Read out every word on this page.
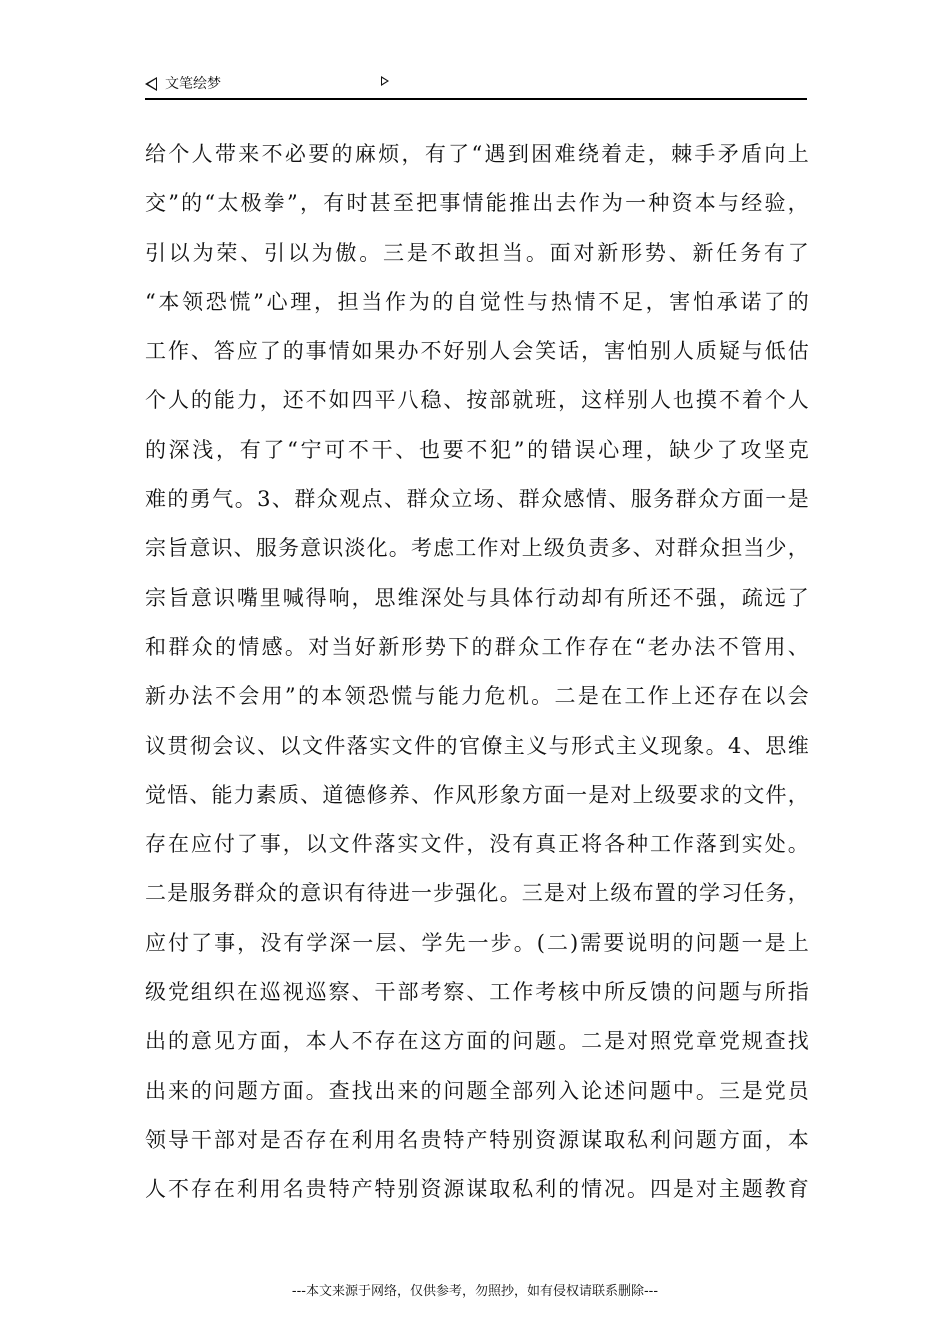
文笔绘梦
给个人带来不必要的麻烦，有了“遇到困难绕着走，棘手矛盾向上
交”的“太极拳”，有时甚至把事情能推出去作为一种资本与经验，
引以为荣、引以为傲。三是不敢担当。面对新形势、新任务有了
“本领恐慌”心理，担当作为的自觉性与热情不足，害怕承诺了的
工作、答应了的事情如果办不好别人会笑话，害怕别人质疑与低估
个人的能力，还不如四平八稳、按部就班，这样别人也摸不着个人
的深浅，有了“宁可不干、也要不犯”的错误心理，缺少了攻坚克
难的勇气。3、群众观点、群众立场、群众感情、服务群众方面一是
宗旨意识、服务意识淡化。考虑工作对上级负责多、对群众担当少，
宗旨意识嘴里喊得响，思维深处与具体行动却有所还不强，疏远了
和群众的情感。对当好新形势下的群众工作存在“老办法不管用、
新办法不会用”的本领恐慌与能力危机。二是在工作上还存在以会
议贯彻会议、以文件落实文件的官僚主义与形式主义现象。4、思维
觉悟、能力素质、道德修养、作风形象方面一是对上级要求的文件，
存在应付了事，以文件落实文件，没有真正将各种工作落到实处。
二是服务群众的意识有待进一步强化。三是对上级布置的学习任务，
应付了事，没有学深一层、学先一步。(二)需要说明的问题一是上
级党组织在巡视巡察、干部考察、工作考核中所反馈的问题与所指
出的意见方面，本人不存在这方面的问题。二是对照党章党规查找
出来的问题方面。查找出来的问题全部列入论述问题中。三是党员
领导干部对是否存在利用名贵特产特别资源谋取私利问题方面，本
人不存在利用名贵特产特别资源谋取私利的情况。四是对主题教育
---本文来源于网络，仅供参考，勿照抄，如有侵权请联系删除---
